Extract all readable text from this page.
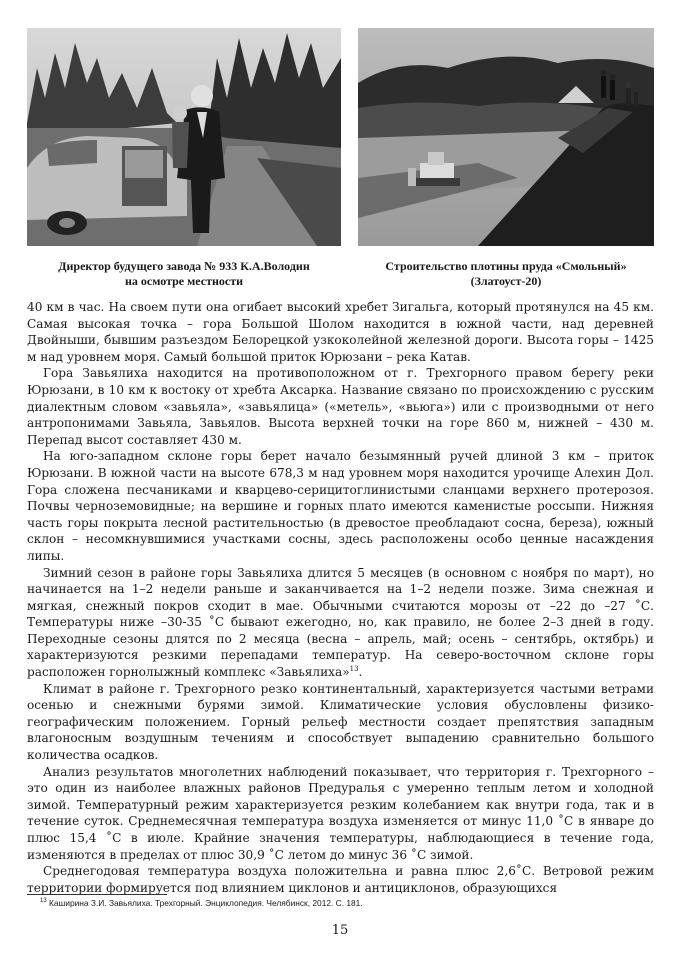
Директор будущего завода № 933 К.А.Володин
на осмотре местности
Строительство плотины пруда «Смольный»
(Златоуст-20)

40 км в час. На своем пути она огибает высокий хребет Зигальга, который протянулся на 45 км. Самая высокая точка – гора Большой Шолом находится в южной части, над деревней Двойныши, бывшим разъездом Белорецкой узкоколейной железной дороги. Высота горы – 1425 м над уровнем моря. Самый большой приток Юрюзани – река Катав.

Гора Завьялиха находится на противоположном от г. Трехгорного правом берегу реки Юрюзани, в 10 км к востоку от хребта Аксарка. Название связано по происхождению с русским диалектным словом «завьяла», «завьялица» («метель», «вьюга») или с производными от него антропонимами Завьяла, Завьялов. Высота верхней точки на горе 860 м, нижней – 430 м. Перепад высот составляет 430 м.

На юго-западном склоне горы берет начало безымянный ручей длиной 3 км – приток Юрюзани. В южной части на высоте 678,3 м над уровнем моря находится урочище Алехин Дол. Гора сложена песчаниками и кварцево-серицитоглинистыми сланцами верхнего протерозоя. Почвы черноземовидные; на вершине и горных плато имеются каменистые россыпи. Нижняя часть горы покрыта лесной растительностью (в древостое преобладают сосна, береза), южный склон – несомкнувшимися участками сосны, здесь расположены особо ценные насаждения липы.

Зимний сезон в районе горы Завьялиха длится 5 месяцев (в основном с ноября по март), но начинается на 1–2 недели раньше и заканчивается на 1–2 недели позже. Зима снежная и мягкая, снежный покров сходит в мае. Обычными считаются морозы от –22 до –27 ˚С. Температуры ниже –30-35 ˚С бывают ежегодно, но, как правило, не более 2–3 дней в году. Переходные сезоны длятся по 2 месяца (весна – апрель, май; осень – сентябрь, октябрь) и характеризуются резкими перепадами температур. На северо-восточном склоне горы расположен горнолыжный комплекс «Завьялиха»$^{13}$.

Климат в районе г. Трехгорного резко континентальный, характеризуется частыми ветрами осенью и снежными бурями зимой. Климатические условия обусловлены физико-географическим положением. Горный рельеф местности создает препятствия западным влагоносным воздушным течениям и способствует выпадению сравнительно большого количества осадков.

Анализ результатов многолетних наблюдений показывает, что территория г. Трехгорного – это один из наиболее влажных районов Предуралья с умеренно теплым летом и холодной зимой. Температурный режим характеризуется резким колебанием как внутри года, так и в течение суток. Среднемесячная температура воздуха изменяется от минус 11,0 ˚С в январе до плюс 15,4 ˚С в июле. Крайние значения температуры, наблюдающиеся в течение года, изменяются в пределах от плюс 30,9 ˚С летом до минус 36 ˚С зимой.

Среднегодовая температура воздуха положительна и равна плюс 2,6˚С. Ветровой режим территории формируется под влиянием циклонов и антициклонов, образующихся

$^{13}$ Каширина З.И. Завьялиха. Трехгорный. Энциклопедия. Челябинск, 2012. С. 181.
15
